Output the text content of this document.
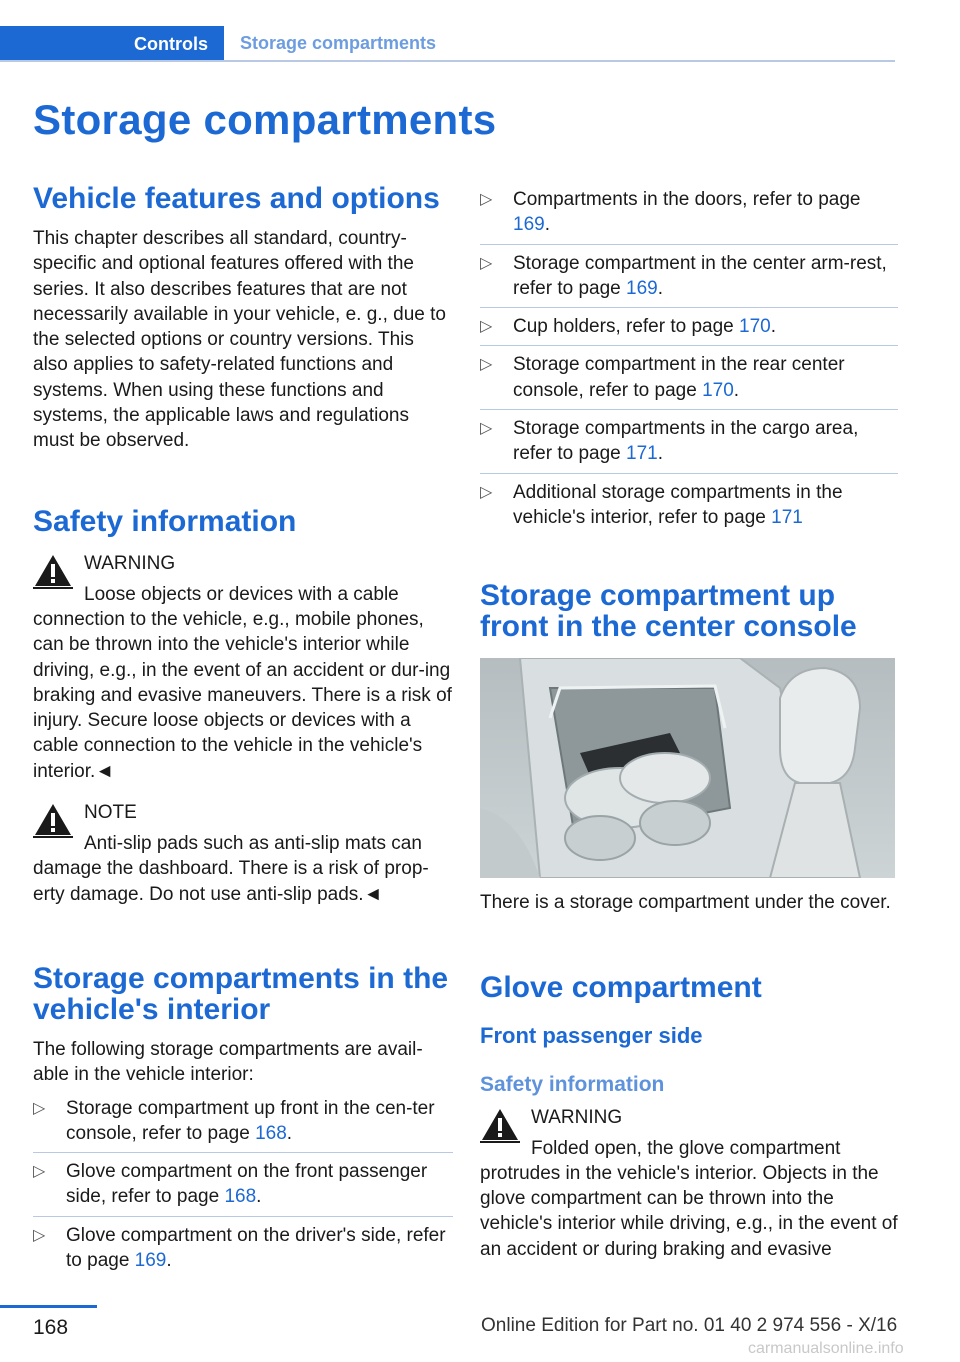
Controls Storage compartments
Storage compartments
Vehicle features and options

This chapter describes all standard, country-specific and optional features offered with the series. It also describes features that are not necessarily available in your vehicle, e. g., due to the selected options or country versions. This also applies to safety-related functions and systems. When using these functions and systems, the applicable laws and regulations must be observed.

Safety information
WARNING
Loose objects or devices with a cable
connection to the vehicle, e.g., mobile phones, can be thrown into the vehicle's interior while driving, e.g., in the event of an accident or dur-ing braking and evasive maneuvers. There is a risk of injury. Secure loose objects or devices with a cable connection to the vehicle in the vehicle's interior.◄
NOTE
Anti-slip pads such as anti-slip mats can
damage the dashboard. There is a risk of prop-erty damage. Do not use anti-slip pads.◄
Storage compartments in the vehicle's interior

The following storage compartments are avail-able in the vehicle interior:

▷ Storage compartment up front in the cen-ter console, refer to page 168.
▷ Glove compartment on the front passenger side, refer to page 168.
▷ Glove compartment on the driver's side, refer to page 169.
▷ Compartments in the doors, refer to page 169.
▷ Storage compartment in the center arm-rest, refer to page 169.
▷ Cup holders, refer to page 170.
▷ Storage compartment in the rear center console, refer to page 170.
▷ Storage compartments in the cargo area, refer to page 171.
▷ Additional storage compartments in the vehicle's interior, refer to page 171
Storage compartment up front in the center console

There is a storage compartment under the cover.

Glove compartment
Front passenger side
Safety information
WARNING
Folded open, the glove compartment
protrudes in the vehicle's interior. Objects in the glove compartment can be thrown into the vehicle's interior while driving, e.g., in the event of an accident or during braking and evasive
168	Online Edition for Part no. 01 40 2 974 556 - X/16
carmanualsonline.info
